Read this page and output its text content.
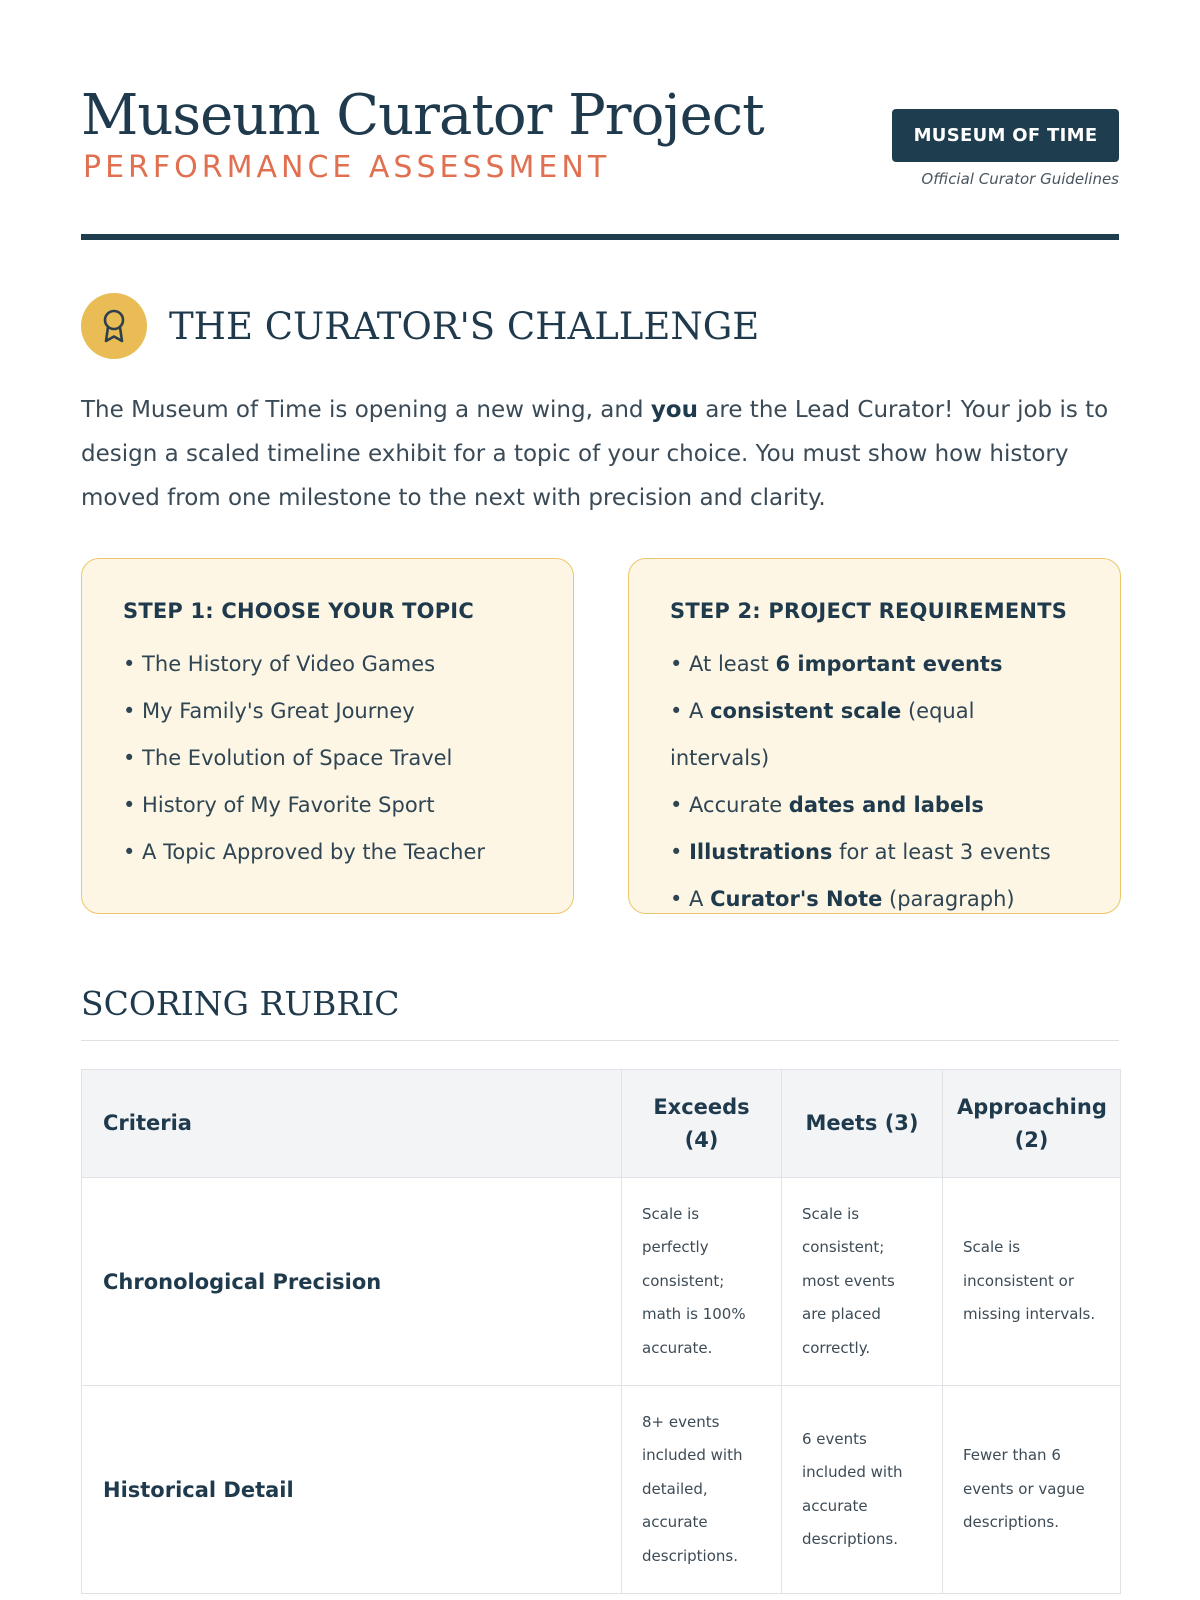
Museum Curator Project
PERFORMANCE ASSESSMENT
MUSEUM OF TIME
Official Curator Guidelines
THE CURATOR'S CHALLENGE

The Museum of Time is opening a new wing, and you are the Lead Curator! Your job is to design a scaled timeline exhibit for a topic of your choice. You must show how history moved from one milestone to the next with precision and clarity.

STEP 1: CHOOSE YOUR TOPIC
• The History of Video Games
• My Family's Great Journey
• The Evolution of Space Travel
• History of My Favorite Sport
• A Topic Approved by the Teacher
STEP 2: PROJECT REQUIREMENTS
• At least 6 important events
• A consistent scale (equal intervals)
• Accurate dates and labels
• Illustrations for at least 3 events
• A Curator's Note (paragraph)
SCORING RUBRIC
Criteria	Exceeds (4)	Meets (3)	Approaching (2)
Chronological Precision	Scale is perfectly consistent; math is 100% accurate.	Scale is consistent; most events are placed correctly.	Scale is inconsistent or missing intervals.
Historical Detail	8+ events included with detailed, accurate descriptions.	6 events included with accurate descriptions.	Fewer than 6 events or vague descriptions.
